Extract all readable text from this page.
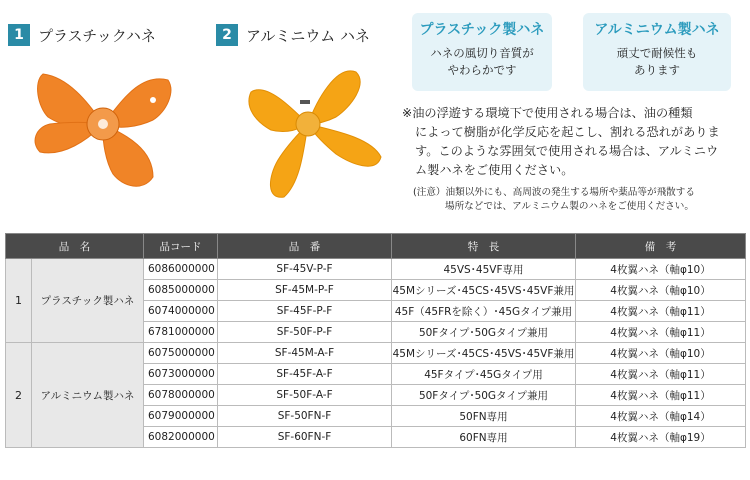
1 プラスチックハネ	2 アルミニウム ハネ	プラスチック製ハネ
ハネの風切り音質が
やわらかです
アルミニウム製ハネ
頑丈で耐候性も
あります
※油の浮遊する環境下で使用される場合は、油の種類
によって樹脂が化学反応を起こし、割れる恐れがありま
す。このような雰囲気で使用される場合は、アルミニウ
ム製ハネをご使用ください。
(注意）油類以外にも、高周波の発生する場所や薬品等が飛散する
場所などでは、アルミニウム製のハネをご使用ください。
品　名		品コード	品　番	特　長	備　考
1	プラスチック製ハネ	6086000000	SF-45V-P-F	45VS･45VF専用	4枚翼ハネ（軸φ10）
		6085000000	SF-45M-P-F	45Mシリーズ･45CS･45VS･45VF兼用	4枚翼ハネ（軸φ10）
		6074000000	SF-45F-P-F	45F（45FRを除く）･45Gタイプ兼用	4枚翼ハネ（軸φ11）
		6781000000	SF-50F-P-F	50Fタイプ･50Gタイプ兼用	4枚翼ハネ（軸φ11）
2	アルミニウム製ハネ	6075000000	SF-45M-A-F	45Mシリーズ･45CS･45VS･45VF兼用	4枚翼ハネ（軸φ10）
		6073000000	SF-45F-A-F	45Fタイプ･45Gタイプ用	4枚翼ハネ（軸φ11）
		6078000000	SF-50F-A-F	50Fタイプ･50Gタイプ兼用	4枚翼ハネ（軸φ11）
		6079000000	SF-50FN-F	50FN専用	4枚翼ハネ（軸φ14）
		6082000000	SF-60FN-F	60FN専用	4枚翼ハネ（軸φ19）
